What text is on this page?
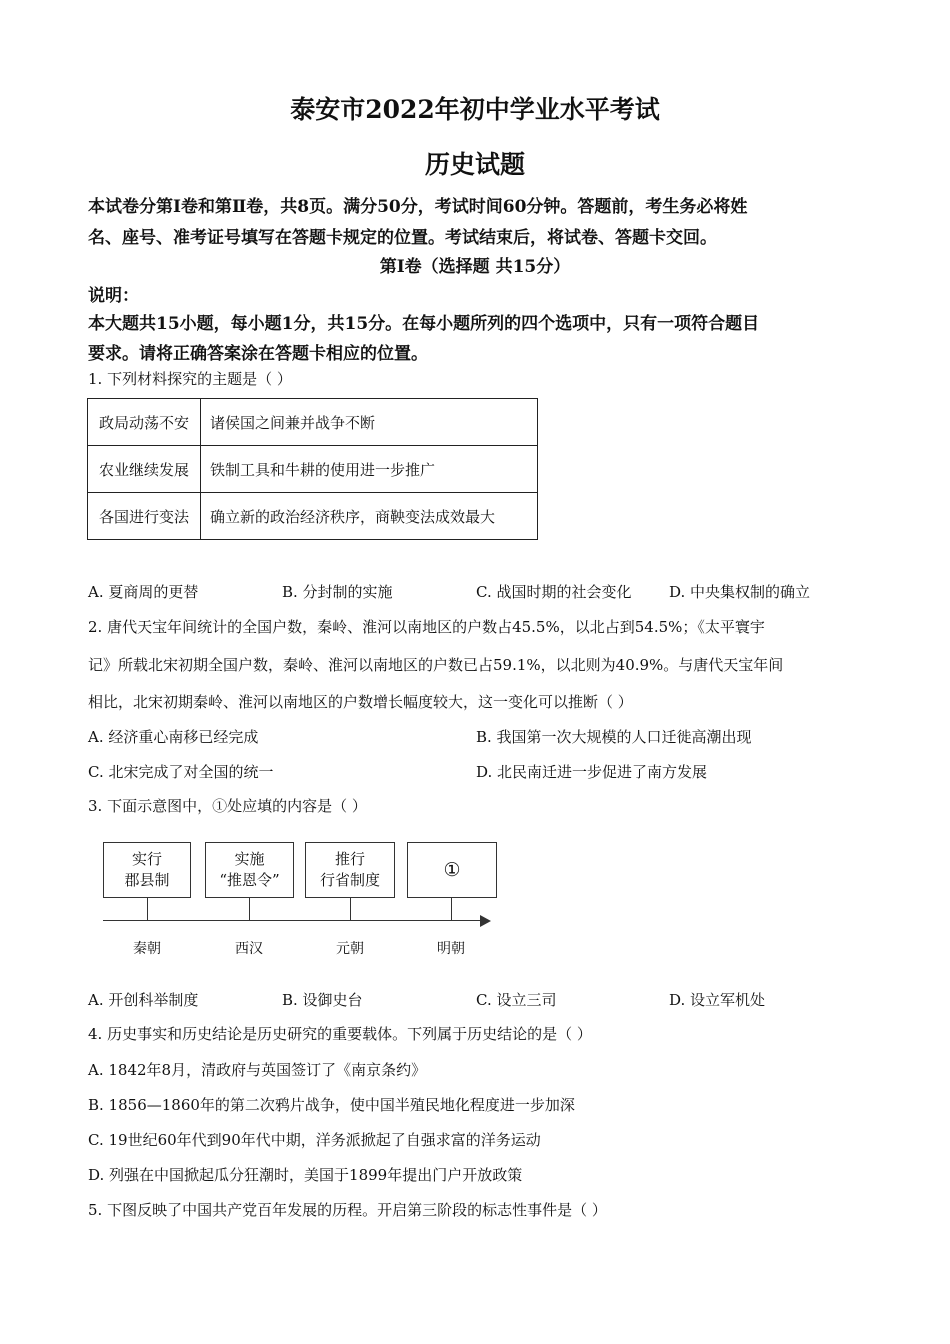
泰安市2022年初中学业水平考试
历史试题
本试卷分第Ⅰ卷和第Ⅱ卷，共8页。满分50分，考试时间60分钟。答题前，考生务必将姓
名、座号、准考证号填写在答题卡规定的位置。考试结束后，将试卷、答题卡交回。
第Ⅰ卷（选择题 共15分）
说明：
本大题共15小题，每小题1分，共15分。在每小题所列的四个选项中，只有一项符合题目
要求。请将正确答案涂在答题卡相应的位置。
1. 下列材料探究的主题是（ ）
政局动荡不安	诸侯国之间兼并战争不断
农业继续发展	铁制工具和牛耕的使用进一步推广
各国进行变法	确立新的政治经济秩序，商鞅变法成效最大
A. 夏商周的更替	B. 分封制的实施	C. 战国时期的社会变化	D. 中央集权制的确立
2. 唐代天宝年间统计的全国户数，秦岭、淮河以南地区的户数占45.5%，以北占到54.5%；《太平寰宇
记》所载北宋初期全国户数，秦岭、淮河以南地区的户数已占59.1%，以北则为40.9%。与唐代天宝年间
相比，北宋初期秦岭、淮河以南地区的户数增长幅度较大，这一变化可以推断（ ）
A. 经济重心南移已经完成	B. 我国第一次大规模的人口迁徙高潮出现
C. 北宋完成了对全国的统一	D. 北民南迁进一步促进了南方发展
3. 下面示意图中，①处应填的内容是（ ）
实行
郡县制
实施
“推恩令”
推行
行省制度	①
秦朝	西汉	元朝	明朝
A. 开创科举制度	B. 设御史台	C. 设立三司	D. 设立军机处
4. 历史事实和历史结论是历史研究的重要载体。下列属于历史结论的是（ ）
A. 1842年8月，清政府与英国签订了《南京条约》
B. 1856—1860年的第二次鸦片战争，使中国半殖民地化程度进一步加深
C. 19世纪60年代到90年代中期，洋务派掀起了自强求富的洋务运动
D. 列强在中国掀起瓜分狂潮时，美国于1899年提出门户开放政策
5. 下图反映了中国共产党百年发展的历程。开启第三阶段的标志性事件是（ ）
